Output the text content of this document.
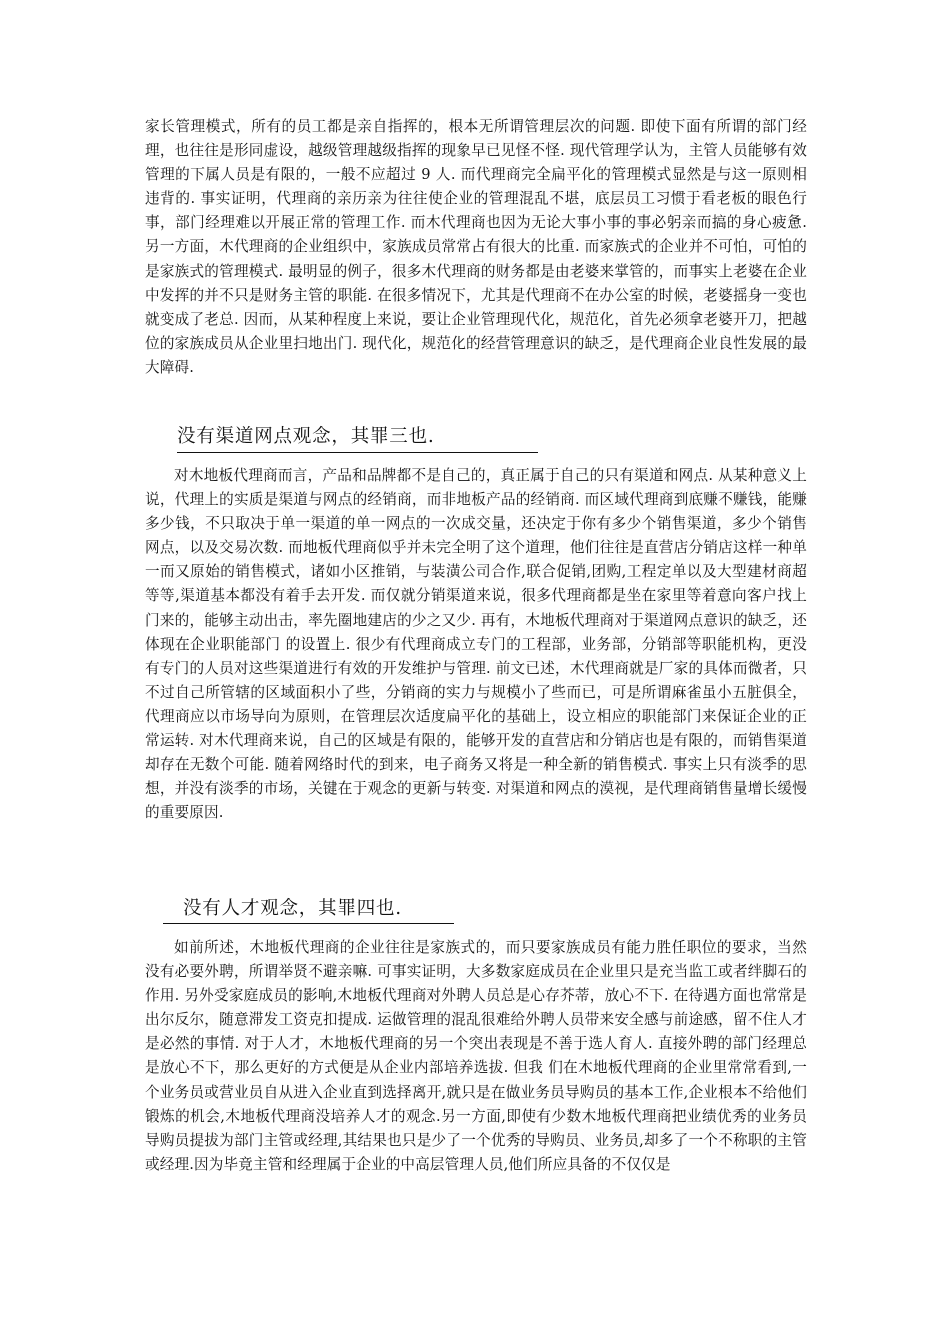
家长管理模式，所有的员工都是亲自指挥的，根本无所谓管理层次的问题. 即使下面有所谓的部门经理，也往往是形同虚设，越级管理越级指挥的现象早已见怪不怪. 现代管理学认为，主管人员能够有效管理的下属人员是有限的，一般不应超过 9 人. 而代理商完全扁平化的管理模式显然是与这一原则相违背的. 事实证明，代理商的亲历亲为往往使企业的管理混乱不堪，底层员工习惯于看老板的眼色行事，部门经理难以开展正常的管理工作. 而木代理商也因为无论大事小事的事必躬亲而搞的身心疲惫. 另一方面，木代理商的企业组织中，家族成员常常占有很大的比重. 而家族式的企业并不可怕，可怕的是家族式的管理模式. 最明显的例子，很多木代理商的财务都是由老婆来掌管的，而事实上老婆在企业中发挥的并不只是财务主管的职能. 在很多情况下，尤其是代理商不在办公室的时候，老婆摇身一变也就变成了老总. 因而，从某种程度上来说，要让企业管理现代化，规范化，首先必须拿老婆开刀，把越位的家族成员从企业里扫地出门. 现代化，规范化的经营管理意识的缺乏，是代理商企业良性发展的最大障碍.

没有渠道网点观念，其罪三也.

对木地板代理商而言，产品和品牌都不是自己的，真正属于自己的只有渠道和网点. 从某种意义上说，代理上的实质是渠道与网点的经销商，而非地板产品的经销商. 而区域代理商到底赚不赚钱，能赚多少钱，不只取决于单一渠道的单一网点的一次成交量，还决定于你有多少个销售渠道，多少个销售网点，以及交易次数. 而地板代理商似乎并未完全明了这个道理，他们往往是直营店分销店这样一种单一而又原始的销售模式，诸如小区推销，与装潢公司合作,联合促销,团购,工程定单以及大型建材商超等等,渠道基本都没有着手去开发. 而仅就分销渠道来说，很多代理商都是坐在家里等着意向客户找上门来的，能够主动出击，率先圈地建店的少之又少. 再有，木地板代理商对于渠道网点意识的缺乏，还体现在企业职能部门 的设置上. 很少有代理商成立专门的工程部，业务部，分销部等职能机构，更没有专门的人员对这些渠道进行有效的开发维护与管理. 前文已述，木代理商就是厂家的具体而微者，只不过自己所管辖的区域面积小了些，分销商的实力与规模小了些而已，可是所谓麻雀虽小五脏俱全，代理商应以市场导向为原则，在管理层次适度扁平化的基础上，设立相应的职能部门来保证企业的正常运转. 对木代理商来说，自己的区域是有限的，能够开发的直营店和分销店也是有限的，而销售渠道却存在无数个可能. 随着网络时代的到来，电子商务又将是一种全新的销售模式. 事实上只有淡季的思想，并没有淡季的市场，关键在于观念的更新与转变. 对渠道和网点的漠视，是代理商销售量增长缓慢的重要原因.

没有人才观念，其罪四也.

如前所述，木地板代理商的企业往往是家族式的，而只要家族成员有能力胜任职位的要求，当然没有必要外聘，所谓举贤不避亲嘛. 可事实证明，大多数家庭成员在企业里只是充当监工或者绊脚石的作用. 另外受家庭成员的影响,木地板代理商对外聘人员总是心存芥蒂，放心不下. 在待遇方面也常常是出尔反尔，随意滞发工资克扣提成. 运做管理的混乱很难给外聘人员带来安全感与前途感，留不住人才是必然的事情. 对于人才，木地板代理商的另一个突出表现是不善于选人育人. 直接外聘的部门经理总是放心不下，那么更好的方式便是从企业内部培养选拔. 但我 们在木地板代理商的企业里常常看到,一个业务员或营业员自从进入企业直到选择离开,就只是在做业务员导购员的基本工作,企业根本不给他们锻炼的机会,木地板代理商没培养人才的观念.另一方面,即使有少数木地板代理商把业绩优秀的业务员导购员提拔为部门主管或经理,其结果也只是少了一个优秀的导购员、业务员,却多了一个不称职的主管或经理.因为毕竟主管和经理属于企业的中高层管理人员,他们所应具备的不仅仅是
